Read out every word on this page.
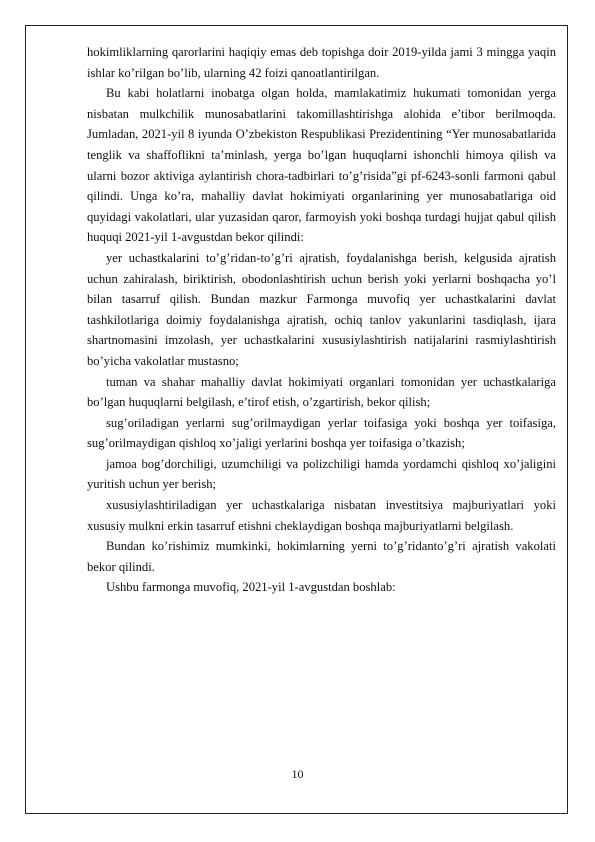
hokimliklarning qarorlarini haqiqiy emas deb topishga doir 2019-yilda jami 3 mingga yaqin ishlar ko’rilgan bo’lib, ularning 42 foizi qanoatlantirilgan.

Bu kabi holatlarni inobatga olgan holda, mamlakatimiz hukumati tomonidan yerga nisbatan mulkchilik munosabatlarini takomillashtirishga alohida e’tibor berilmoqda. Jumladan, 2021-yil 8 iyunda O’zbekiston Respublikasi Prezidentining “Yer munosabatlarida tenglik va shaffoflikni ta’minlash, yerga bo’lgan huquqlarni ishonchli himoya qilish va ularni bozor aktiviga aylantirish chora-tadbirlari to’g’risida”gi pf-6243-sonli farmoni qabul qilindi. Unga ko’ra, mahalliy davlat hokimiyati organlarining yer munosabatlariga oid quyidagi vakolatlari, ular yuzasidan qaror, farmoyish yoki boshqa turdagi hujjat qabul qilish huquqi 2021-yil 1-avgustdan bekor qilindi:

yer uchastkalarini to’g’ridan-to’g’ri ajratish, foydalanishga berish, kelgusida ajratish uchun zahiralash, biriktirish, obodonlashtirish uchun berish yoki yerlarni boshqacha yo’l bilan tasarruf qilish. Bundan mazkur Farmonga muvofiq yer uchastkalarini davlat tashkilotlariga doimiy foydalanishga ajratish, ochiq tanlov yakunlarini tasdiqlash, ijara shartnomasini imzolash, yer uchastkalarini xususiylashtirish natijalarini rasmiylashtirish bo’yicha vakolatlar mustasno;

tuman va shahar mahalliy davlat hokimiyati organlari tomonidan yer uchastkalariga bo’lgan huquqlarni belgilash, e’tirof etish, o’zgartirish, bekor qilish;

sug’oriladigan yerlarni sug’orilmaydigan yerlar toifasiga yoki boshqa yer toifasiga, sug’orilmaydigan qishloq xo’jaligi yerlarini boshqa yer toifasiga o’tkazish;

jamoa bog’dorchiligi, uzumchiligi va polizchiligi hamda yordamchi qishloq xo’jaligini yuritish uchun yer berish;

xususiylashtiriladigan yer uchastkalariga nisbatan investitsiya majburiyatlari yoki xususiy mulkni erkin tasarruf etishni cheklaydigan boshqa majburiyatlarni belgilash.

Bundan ko’rishimiz mumkinki, hokimlarning yerni to’g’ridanto’g’ri ajratish vakolati bekor qilindi.

Ushbu farmonga muvofiq, 2021-yil 1-avgustdan boshlab:

10
